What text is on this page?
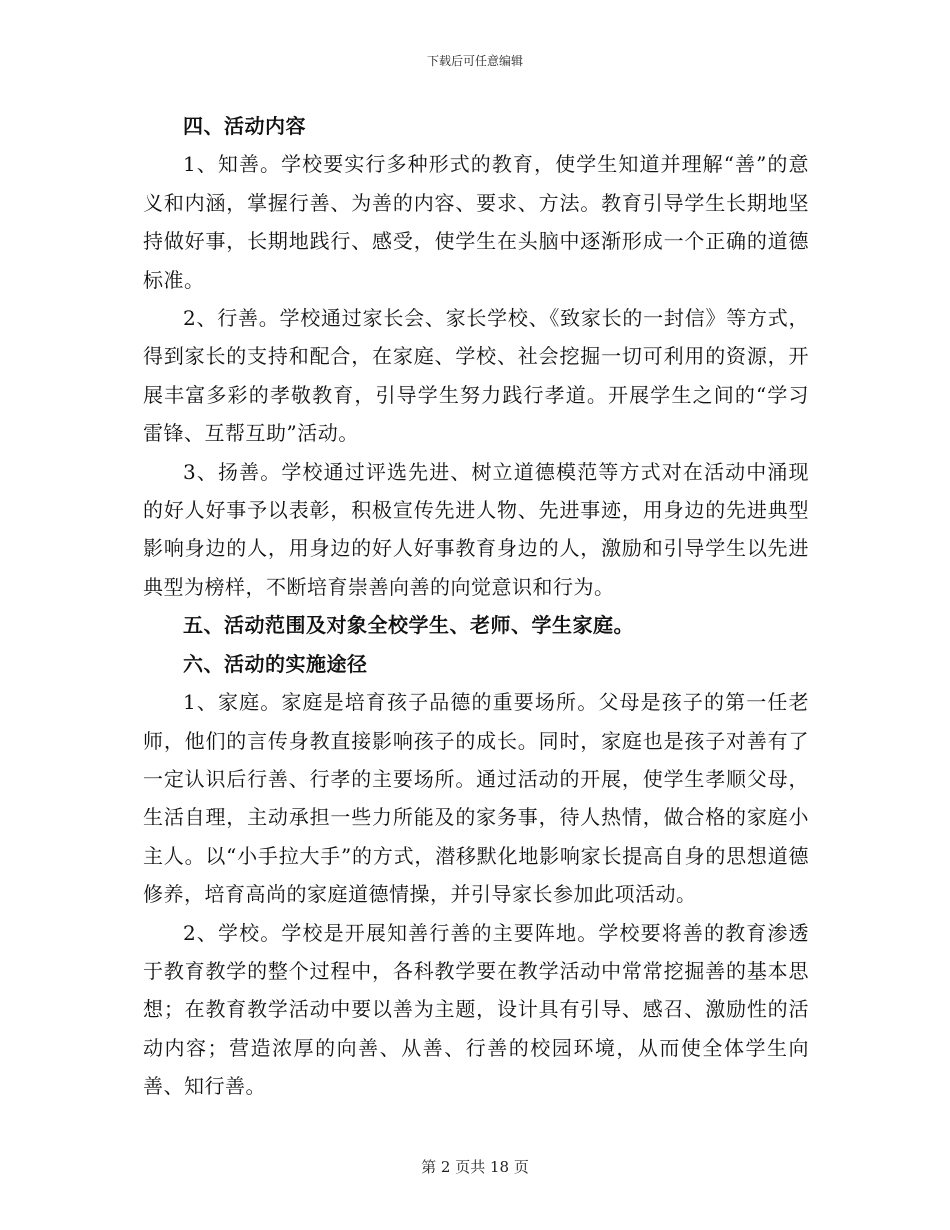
下载后可任意编辑

四、活动内容

1、知善。学校要实行多种形式的教育，使学生知道并理解“善”的意义和内涵，掌握行善、为善的内容、要求、方法。教育引导学生长期地坚持做好事，长期地践行、感受，使学生在头脑中逐渐形成一个正确的道德标准。

2、行善。学校通过家长会、家长学校、《致家长的一封信》等方式，得到家长的支持和配合，在家庭、学校、社会挖掘一切可利用的资源，开展丰富多彩的孝敬教育，引导学生努力践行孝道。开展学生之间的“学习雷锋、互帮互助”活动。

3、扬善。学校通过评选先进、树立道德模范等方式对在活动中涌现的好人好事予以表彰，积极宣传先进人物、先进事迹，用身边的先进典型影响身边的人，用身边的好人好事教育身边的人，激励和引导学生以先进典型为榜样，不断培育崇善向善的向觉意识和行为。

五、活动范围及对象全校学生、老师、学生家庭。

六、活动的实施途径

1、家庭。家庭是培育孩子品德的重要场所。父母是孩子的第一任老师，他们的言传身教直接影响孩子的成长。同时，家庭也是孩子对善有了一定认识后行善、行孝的主要场所。通过活动的开展，使学生孝顺父母，生活自理，主动承担一些力所能及的家务事，待人热情，做合格的家庭小主人。以“小手拉大手”的方式，潜移默化地影响家长提高自身的思想道德修养，培育高尚的家庭道德情操，并引导家长参加此项活动。

2、学校。学校是开展知善行善的主要阵地。学校要将善的教育渗透于教育教学的整个过程中，各科教学要在教学活动中常常挖掘善的基本思想；在教育教学活动中要以善为主题，设计具有引导、感召、激励性的活动内容；营造浓厚的向善、从善、行善的校园环境，从而使全体学生向善、知行善。

第 2 页共 18 页
